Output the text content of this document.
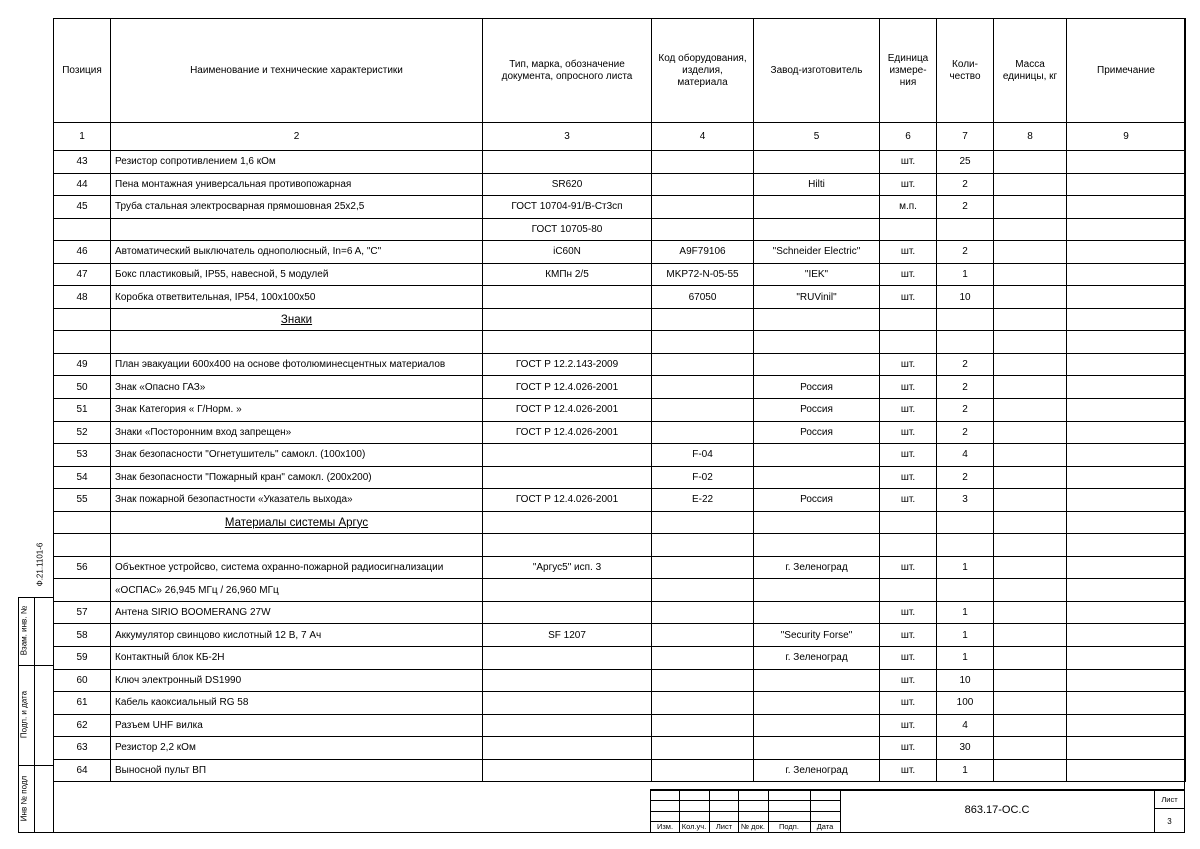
Ф.21.1101-6
Взам. инв. №
Подп. и дата
Инв № подл
Позиция	Наименование и технические характеристики	Тип, марка, обозначение документа, опросного листа	Код оборудования, изделия, материала	Завод-изготовитель	Единица измере-ния	Коли-чество	Масса единицы, кг	Примечание
1	2	3	4	5	6	7	8	9
43	Резистор сопротивлением 1,6 кОм				шт.	25		
44	Пена монтажная универсальная противопожарная	SR620		Hilti	шт.	2		
45	Труба стальная электросварная прямошовная 25х2,5	ГОСТ 10704-91/В-Ст3сп			м.п.	2		
		ГОСТ 10705-80						
46	Автоматический выключатель однополюсный, In=6 A, "C"	iC60N	A9F79106	"Schneider Electric"	шт.	2		
47	Бокс пластиковый, IP55, навесной, 5 модулей	КМПн 2/5	MKP72-N-05-55	"IEK"	шт.	1		
48	Коробка ответвительная, IP54, 100х100х50		67050	"RUVinil"	шт.	10		
	Знаки							

49	План эвакуации 600х400 на основе фотолюминесцентных материалов	ГОСТ Р 12.2.143-2009			шт.	2		
50	Знак «Опасно ГАЗ»	ГОСТ Р 12.4.026-2001		Россия	шт.	2		
51	Знак Категория « Г/Норм. »	ГОСТ Р 12.4.026-2001		Россия	шт.	2		
52	Знаки «Посторонним вход запрещен»	ГОСТ Р 12.4.026-2001		Россия	шт.	2		
53	Знак безопасности "Огнетушитель" самокл. (100х100)		F-04		шт.	4		
54	Знак безопасности "Пожарный кран" самокл. (200х200)		F-02		шт.	2		
55	Знак пожарной безопастности «Указатель выхода»	ГОСТ Р 12.4.026-2001	E-22	Россия	шт.	3		
	Материалы системы Аргус							

56	Объектное устройсво, система охранно-пожарной радиосигнализации	"Аргус5" исп. 3		г. Зеленоград	шт.	1		
	«ОСПАС» 26,945 МГц / 26,960 МГц							
57	Антена SIRIO BOOMERANG 27W				шт.	1		
58	Аккумулятор свинцово кислотный 12 В, 7 Ач	SF 1207		"Security Forse"	шт.	1		
59	Контактный блок КБ-2Н			г. Зеленоград	шт.	1		
60	Ключ электронный DS1990				шт.	10		
61	Кабель каоксиальный RG 58				шт.	100		
62	Разъем UHF вилка				шт.	4		
63	Резистор 2,2 кОм				шт.	30		
64	Выносной пульт ВП			г. Зеленоград	шт.	1		
Изм.	Кол.уч.	Лист	№ док.	Подп.	Дата
863.17-ОС.С
Лист
3
